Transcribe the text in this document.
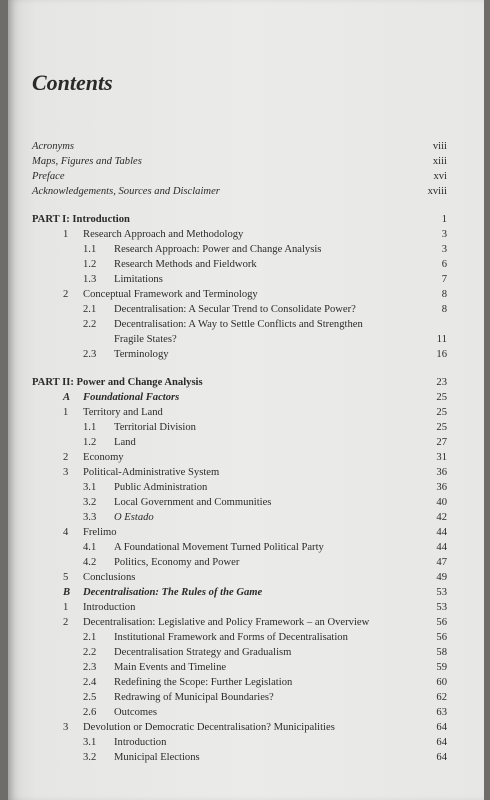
Contents
Acronyms	viii
Maps, Figures and Tables	xiii
Preface	xvi
Acknowledgements, Sources and Disclaimer	xviii
PART I: Introduction	1
1 Research Approach and Methodology	3
1.1 Research Approach: Power and Change Analysis	3
1.2 Research Methods and Fieldwork	6
1.3 Limitations	7
2 Conceptual Framework and Terminology	8
2.1 Decentralisation: A Secular Trend to Consolidate Power?	8
2.2 Decentralisation: A Way to Settle Conflicts and Strengthen
Fragile States?	11
2.3 Terminology	16
PART II: Power and Change Analysis	23
A Foundational Factors	25
1 Territory and Land	25
1.1 Territorial Division	25
1.2 Land	27
2 Economy	31
3 Political-Administrative System	36
3.1 Public Administration	36
3.2 Local Government and Communities	40
3.3 O Estado	42
4 Frelimo	44
4.1 A Foundational Movement Turned Political Party	44
4.2 Politics, Economy and Power	47
5 Conclusions	49
B Decentralisation: The Rules of the Game	53
1 Introduction	53
2 Decentralisation: Legislative and Policy Framework – an Overview	56
2.1 Institutional Framework and Forms of Decentralisation	56
2.2 Decentralisation Strategy and Gradualism	58
2.3 Main Events and Timeline	59
2.4 Redefining the Scope: Further Legislation	60
2.5 Redrawing of Municipal Boundaries?	62
2.6 Outcomes	63
3 Devolution or Democratic Decentralisation? Municipalities	64
3.1 Introduction	64
3.2 Municipal Elections	64
